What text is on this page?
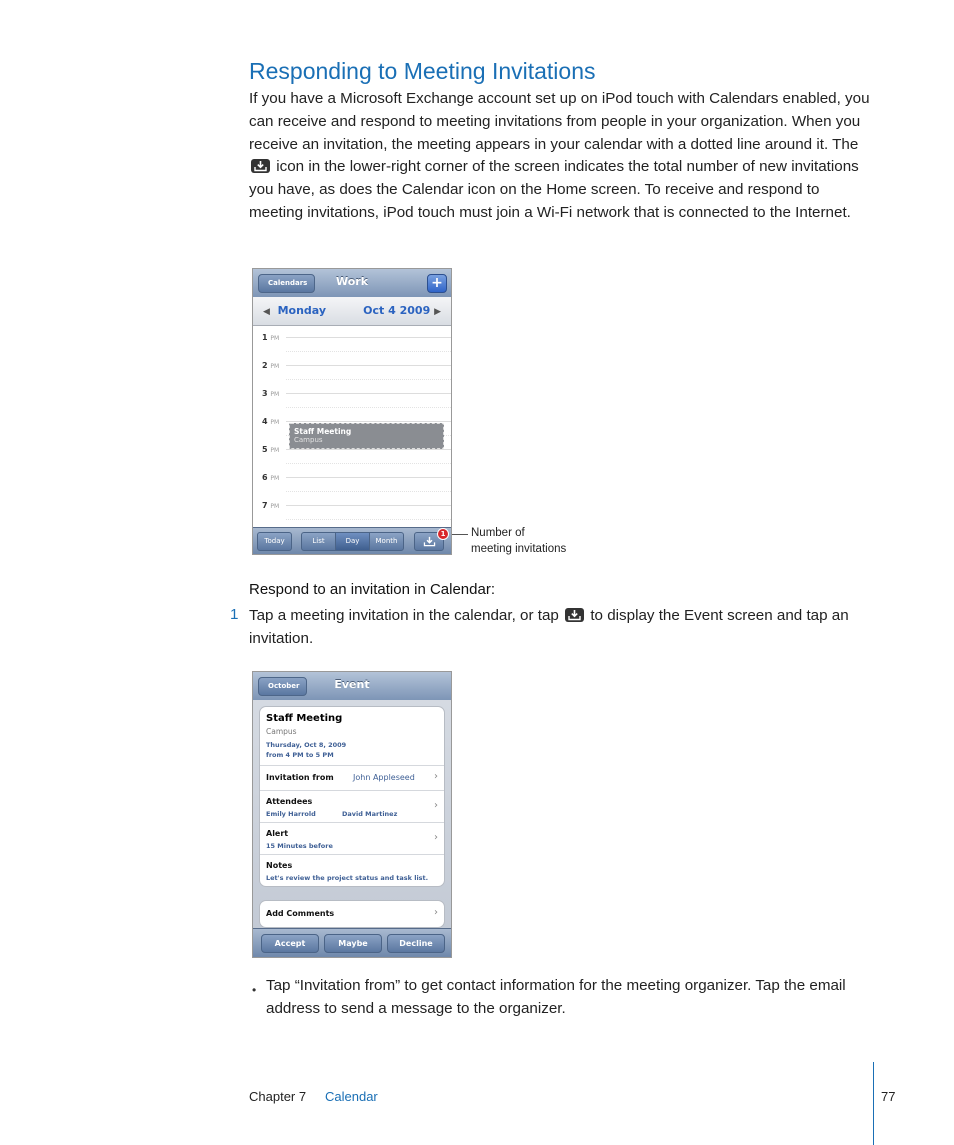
Responding to Meeting Invitations

If you have a Microsoft Exchange account set up on iPod touch with Calendars enabled, you can receive and respond to meeting invitations from people in your organization. When you receive an invitation, the meeting appears in your calendar with a dotted line around it. The
icon in the lower-right corner of the screen indicates the total number of new invitations you have, as does the Calendar icon on the Home screen. To receive and respond to meeting invitations, iPod touch must join a Wi-Fi network that is connected to the Internet.

Calendars	Work	+
◀ Monday	Oct 4 2009 ▶
1 PM
2 PM
3 PM
4 PM
5 PM
6 PM
7 PM
Staff Meeting
Campus
Today	List	Day	Month
1	Number of
meeting invitations

Respond to an invitation in Calendar:

1 Tap a meeting invitation in the calendar, or tap to display the Event screen and tap an invitation.

October	Event
Staff Meeting
Campus
Thursday, Oct 8, 2009
from 4 PM to 5 PM
Invitation from John Appleseed ›
Attendees
Emily Harrold	David Martinez
›
Alert
15 Minutes before
›
Notes
Let's review the project status and task list.
Add Comments	›
Accept	Maybe	Decline
• Tap “Invitation from” to get contact information for the meeting organizer. Tap the email address to send a message to the organizer.

Chapter 7 Calendar	77
